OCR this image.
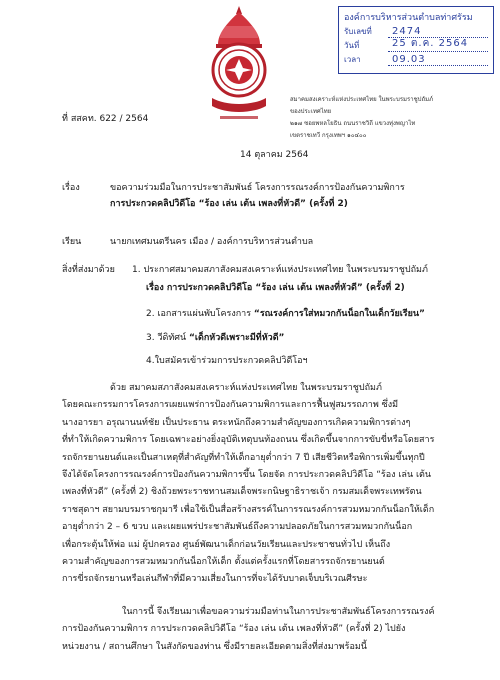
องค์การบริหารส่วนตำบลท่าศรัรม
รับเลขที่	2474
วันที่	25 ต.ค. 2564
เวลา	09.03
สมาคมสงเคราะห์แห่งประเทศไทย ในพระบรมราชูปถัมภ์
ของประเทศไทย
๒๑๗ ซอยพหลโยธิน ถนนราชวิถี แขวงทุ่งพญาไท
เขตราชเทวี กรุงเทพฯ ๑๐๔๐๐
ที่ สสคท. 622 / 2564
14 ตุลาคม 2564
เรื่อง	ขอความร่วมมือในการประชาสัมพันธ์ โครงการรณรงค์การป้องกันความพิการ
การประกวดคลิปวิดีโอ “ร้อง เล่น เต้น เพลงที่หัวดี” (ครั้งที่ 2)
เรียน	นายกเทศมนตรีนคร เมือง / องค์การบริหารส่วนตำบล
สิ่งที่ส่งมาด้วย 1. ประกาศสมาคมสภาสังคมสงเคราะห์แห่งประเทศไทย ในพระบรมราชูปถัมภ์
เรื่อง การประกวดคลิปวิดีโอ “ร้อง เล่น เต้น เพลงที่หัวดี” (ครั้งที่ 2)
2. เอกสารแผ่นพับโครงการ “รณรงค์การใส่หมวกกันน็อกในเด็กวัยเรียน”
3. วีดิทัศน์ “เด็กหัวดีเพราะมีที่หัวดี”
4.ใบสมัครเข้าร่วมการประกวดคลิปวิดีโอฯ
ด้วย สมาคมสภาสังคมสงเคราะห์แห่งประเทศไทย ในพระบรมราชูปถัมภ์
โดยคณะกรรมการโครงการเผยแพร่การป้องกันความพิการและการฟื้นฟูสมรรถภาพ ซึ่งมี
นางอารยา อรุณานนท์ชัย เป็นประธาน ตระหนักถึงความสำคัญของการเกิดความพิการต่างๆ
ที่ทำให้เกิดความพิการ โดยเฉพาะอย่างยิ่งอุบัติเหตุบนท้องถนน ซึ่งเกิดขึ้นจากการขับขี่หรือโดยสาร
รถจักรยานยนต์และเป็นสาเหตุที่สำคัญที่ทำให้เด็กอายุต่ำกว่า 7 ปี เสียชีวิตหรือพิการเพิ่มขึ้นทุกปี
จึงได้จัดโครงการรณรงค์การป้องกันความพิการขึ้น โดยจัด การประกวดคลิปวิดีโอ “ร้อง เล่น เต้น
เพลงที่หัวดี” (ครั้งที่ 2) ชิงถ้วยพระราชทานสมเด็จพระกนิษฐาธิราชเจ้า กรมสมเด็จพระเทพรัตน
ราชสุดาฯ สยามบรมราชกุมารี เพื่อใช้เป็นสื่อสร้างสรรค์ในการรณรงค์การสวมหมวกกันน็อกให้เด็ก
อายุต่ำกว่า 2 – 6 ขวบ และเผยแพร่ประชาสัมพันธ์ถึงความปลอดภัยในการสวมหมวกกันน็อก
เพื่อกระตุ้นให้พ่อ แม่ ผู้ปกครอง ศูนย์พัฒนาเด็กก่อนวัยเรียนและประชาชนทั่วไป เห็นถึง
ความสำคัญของการสวมหมวกกันน็อกให้เด็ก ตั้งแต่ครั้งแรกที่โดยสารรถจักรยานยนต์
การขี่รถจักรยานหรือเล่นกีฬาที่มีความเสี่ยงในการที่จะได้รับบาดเจ็บบริเวณศีรษะ
ในการนี้ จึงเรียนมาเพื่อขอความร่วมมือท่านในการประชาสัมพันธ์โครงการรณรงค์
การป้องกันความพิการ การประกวดคลิปวิดีโอ “ร้อง เล่น เต้น เพลงที่หัวดี” (ครั้งที่ 2) ไปยัง
หน่วยงาน / สถานศึกษา ในสังกัดของท่าน ซึ่งมีรายละเอียดตามสิ่งที่ส่งมาพร้อมนี้
